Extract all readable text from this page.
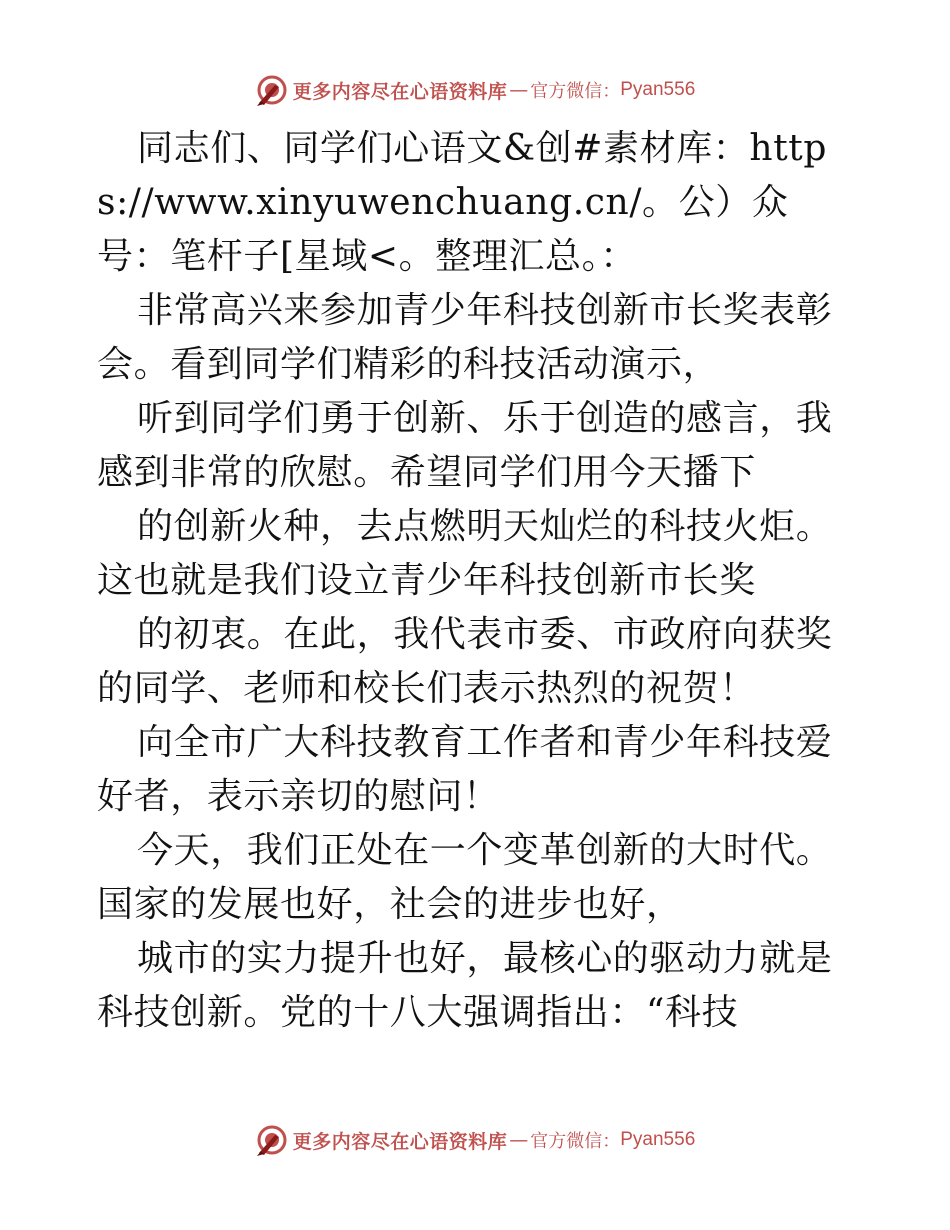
更多内容尽在心语资料库 — 官方微信： Pyan556

同志们、同学们心语文&创#素材库：https://www.xinyuwenchuang.cn/。公）众号：笔杆子[星域<。整理汇总。：

非常高兴来参加青少年科技创新市长奖表彰会。看到同学们精彩的科技活动演示，

听到同学们勇于创新、乐于创造的感言，我感到非常的欣慰。希望同学们用今天播下

的创新火种，去点燃明天灿烂的科技火炬。这也就是我们设立青少年科技创新市长奖

的初衷。在此，我代表市委、市政府向获奖的同学、老师和校长们表示热烈的祝贺！

向全市广大科技教育工作者和青少年科技爱好者，表示亲切的慰问！

今天，我们正处在一个变革创新的大时代。国家的发展也好，社会的进步也好，

城市的实力提升也好，最核心的驱动力就是科技创新。党的十八大强调指出：“科技

更多内容尽在心语资料库 — 官方微信： Pyan556
